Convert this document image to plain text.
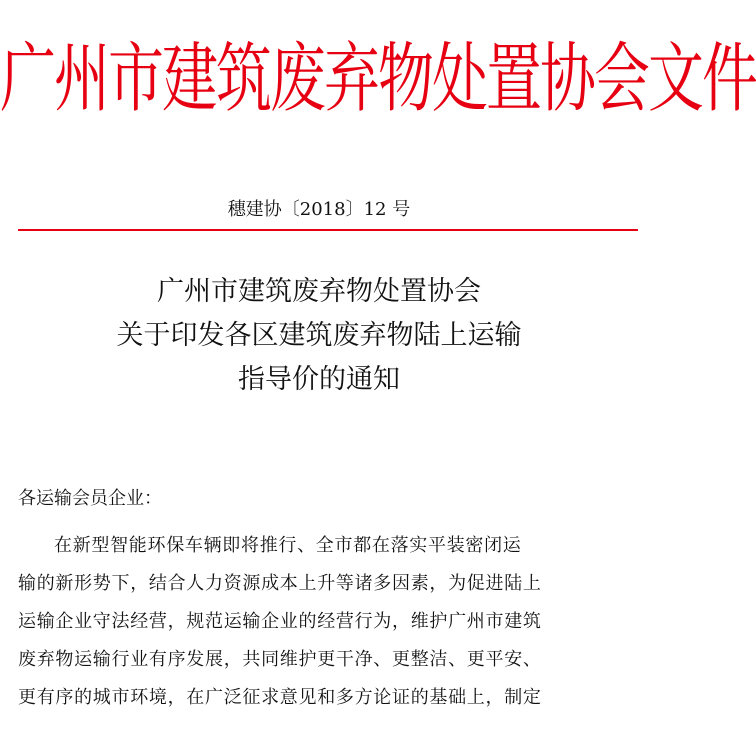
广州市建筑废弃物处置协会文件
穗建协〔2018〕12 号
广州市建筑废弃物处置协会
关于印发各区建筑废弃物陆上运输
指导价的通知
各运输会员企业：
在新型智能环保车辆即将推行、全市都在落实平装密闭运
输的新形势下，结合人力资源成本上升等诸多因素，为促进陆上
运输企业守法经营，规范运输企业的经营行为，维护广州市建筑
废弃物运输行业有序发展，共同维护更干净、更整洁、更平安、
更有序的城市环境，在广泛征求意见和多方论证的基础上，制定
